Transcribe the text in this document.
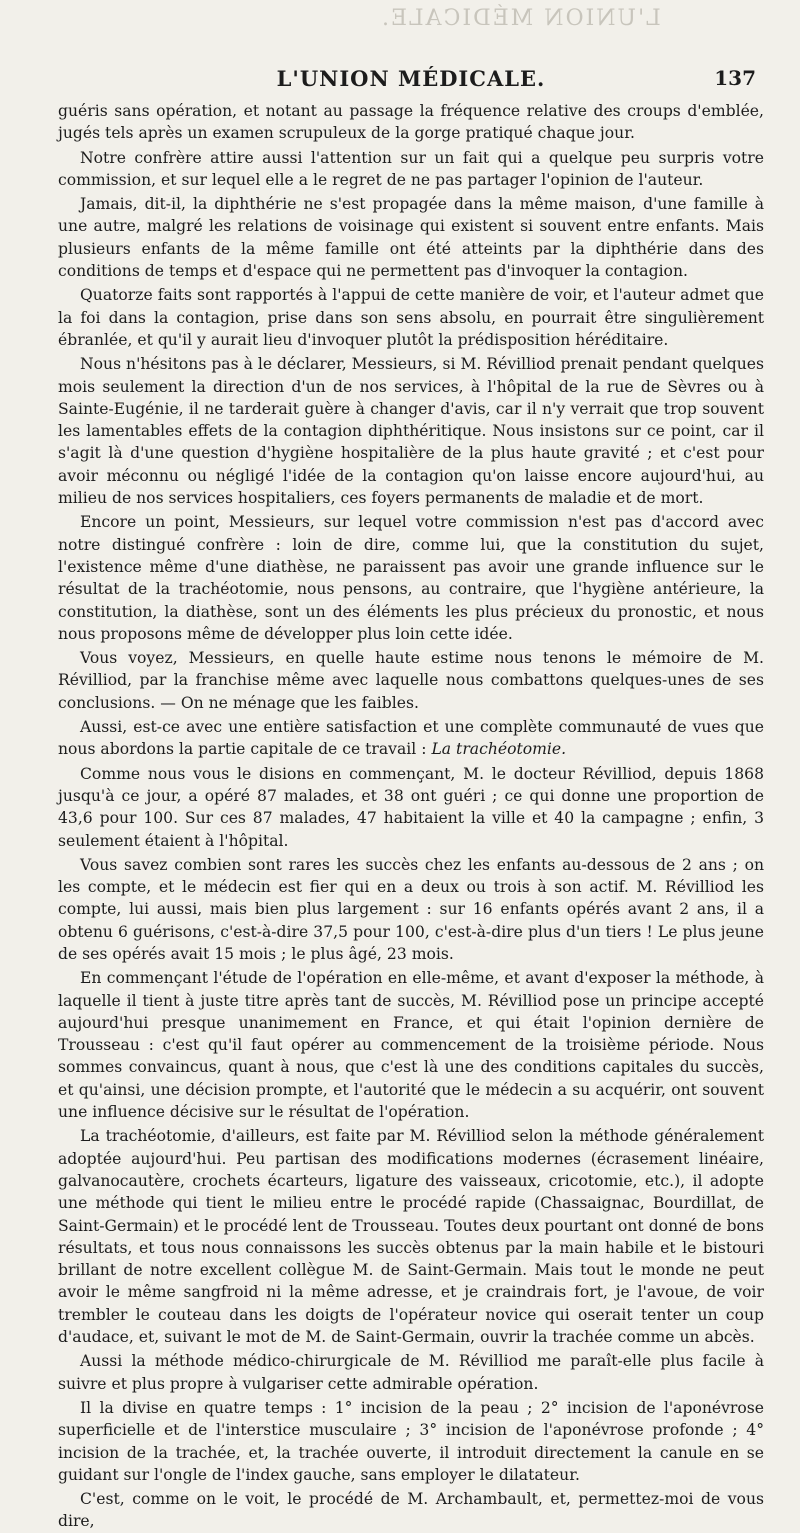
L'UNION MÉDICALE.
L'UNION MÉDICALE.	137

guéris sans opération, et notant au passage la fréquence relative des croups d'emblée, jugés tels après un examen scrupuleux de la gorge pratiqué chaque jour.

Notre confrère attire aussi l'attention sur un fait qui a quelque peu surpris votre commission, et sur lequel elle a le regret de ne pas partager l'opinion de l'auteur.

Jamais, dit-il, la diphthérie ne s'est propagée dans la même maison, d'une famille à une autre, malgré les relations de voisinage qui existent si souvent entre enfants. Mais plusieurs enfants de la même famille ont été atteints par la diphthérie dans des conditions de temps et d'espace qui ne permettent pas d'invoquer la contagion.

Quatorze faits sont rapportés à l'appui de cette manière de voir, et l'auteur admet que la foi dans la contagion, prise dans son sens absolu, en pourrait être singulièrement ébranlée, et qu'il y aurait lieu d'invoquer plutôt la prédisposition héréditaire.

Nous n'hésitons pas à le déclarer, Messieurs, si M. Révilliod prenait pendant quelques mois seulement la direction d'un de nos services, à l'hôpital de la rue de Sèvres ou à Sainte-Eugénie, il ne tarderait guère à changer d'avis, car il n'y verrait que trop souvent les lamentables effets de la contagion diphthéritique. Nous insistons sur ce point, car il s'agit là d'une question d'hygiène hospitalière de la plus haute gravité ; et c'est pour avoir méconnu ou négligé l'idée de la contagion qu'on laisse encore aujourd'hui, au milieu de nos services hospitaliers, ces foyers permanents de maladie et de mort.

Encore un point, Messieurs, sur lequel votre commission n'est pas d'accord avec notre distingué confrère : loin de dire, comme lui, que la constitution du sujet, l'existence même d'une diathèse, ne paraissent pas avoir une grande influence sur le résultat de la trachéotomie, nous pensons, au contraire, que l'hygiène antérieure, la constitution, la diathèse, sont un des éléments les plus précieux du pronostic, et nous nous proposons même de développer plus loin cette idée.

Vous voyez, Messieurs, en quelle haute estime nous tenons le mémoire de M. Révilliod, par la franchise même avec laquelle nous combattons quelques-unes de ses conclusions. — On ne ménage que les faibles.

Aussi, est-ce avec une entière satisfaction et une complète communauté de vues que nous abordons la partie capitale de ce travail : La trachéotomie.

Comme nous vous le disions en commençant, M. le docteur Révilliod, depuis 1868 jusqu'à ce jour, a opéré 87 malades, et 38 ont guéri ; ce qui donne une proportion de 43,6 pour 100. Sur ces 87 malades, 47 habitaient la ville et 40 la campagne ; enfin, 3 seulement étaient à l'hôpital.

Vous savez combien sont rares les succès chez les enfants au-dessous de 2 ans ; on les compte, et le médecin est fier qui en a deux ou trois à son actif. M. Révilliod les compte, lui aussi, mais bien plus largement : sur 16 enfants opérés avant 2 ans, il a obtenu 6 guérisons, c'est-à-dire 37,5 pour 100, c'est-à-dire plus d'un tiers ! Le plus jeune de ses opérés avait 15 mois ; le plus âgé, 23 mois.

En commençant l'étude de l'opération en elle-même, et avant d'exposer la méthode, à laquelle il tient à juste titre après tant de succès, M. Révilliod pose un principe accepté aujourd'hui presque unanimement en France, et qui était l'opinion dernière de Trousseau : c'est qu'il faut opérer au commencement de la troisième période. Nous sommes convaincus, quant à nous, que c'est là une des conditions capitales du succès, et qu'ainsi, une décision prompte, et l'autorité que le médecin a su acquérir, ont souvent une influence décisive sur le résultat de l'opération.

La trachéotomie, d'ailleurs, est faite par M. Révilliod selon la méthode généralement adoptée aujourd'hui. Peu partisan des modifications modernes (écrasement linéaire, galvanocautère, crochets écarteurs, ligature des vaisseaux, cricotomie, etc.), il adopte une méthode qui tient le milieu entre le procédé rapide (Chassaignac, Bourdillat, de Saint-Germain) et le procédé lent de Trousseau. Toutes deux pourtant ont donné de bons résultats, et tous nous connaissons les succès obtenus par la main habile et le bistouri brillant de notre excellent collègue M. de Saint-Germain. Mais tout le monde ne peut avoir le même sangfroid ni la même adresse, et je craindrais fort, je l'avoue, de voir trembler le couteau dans les doigts de l'opérateur novice qui oserait tenter un coup d'audace, et, suivant le mot de M. de Saint-Germain, ouvrir la trachée comme un abcès.

Aussi la méthode médico-chirurgicale de M. Révilliod me paraît-elle plus facile à suivre et plus propre à vulgariser cette admirable opération.

Il la divise en quatre temps : 1° incision de la peau ; 2° incision de l'aponévrose superficielle et de l'interstice musculaire ; 3° incision de l'aponévrose profonde ; 4° incision de la trachée, et, la trachée ouverte, il introduit directement la canule en se guidant sur l'ongle de l'index gauche, sans employer le dilatateur.

C'est, comme on le voit, le procédé de M. Archambault, et, permettez-moi de vous dire,
